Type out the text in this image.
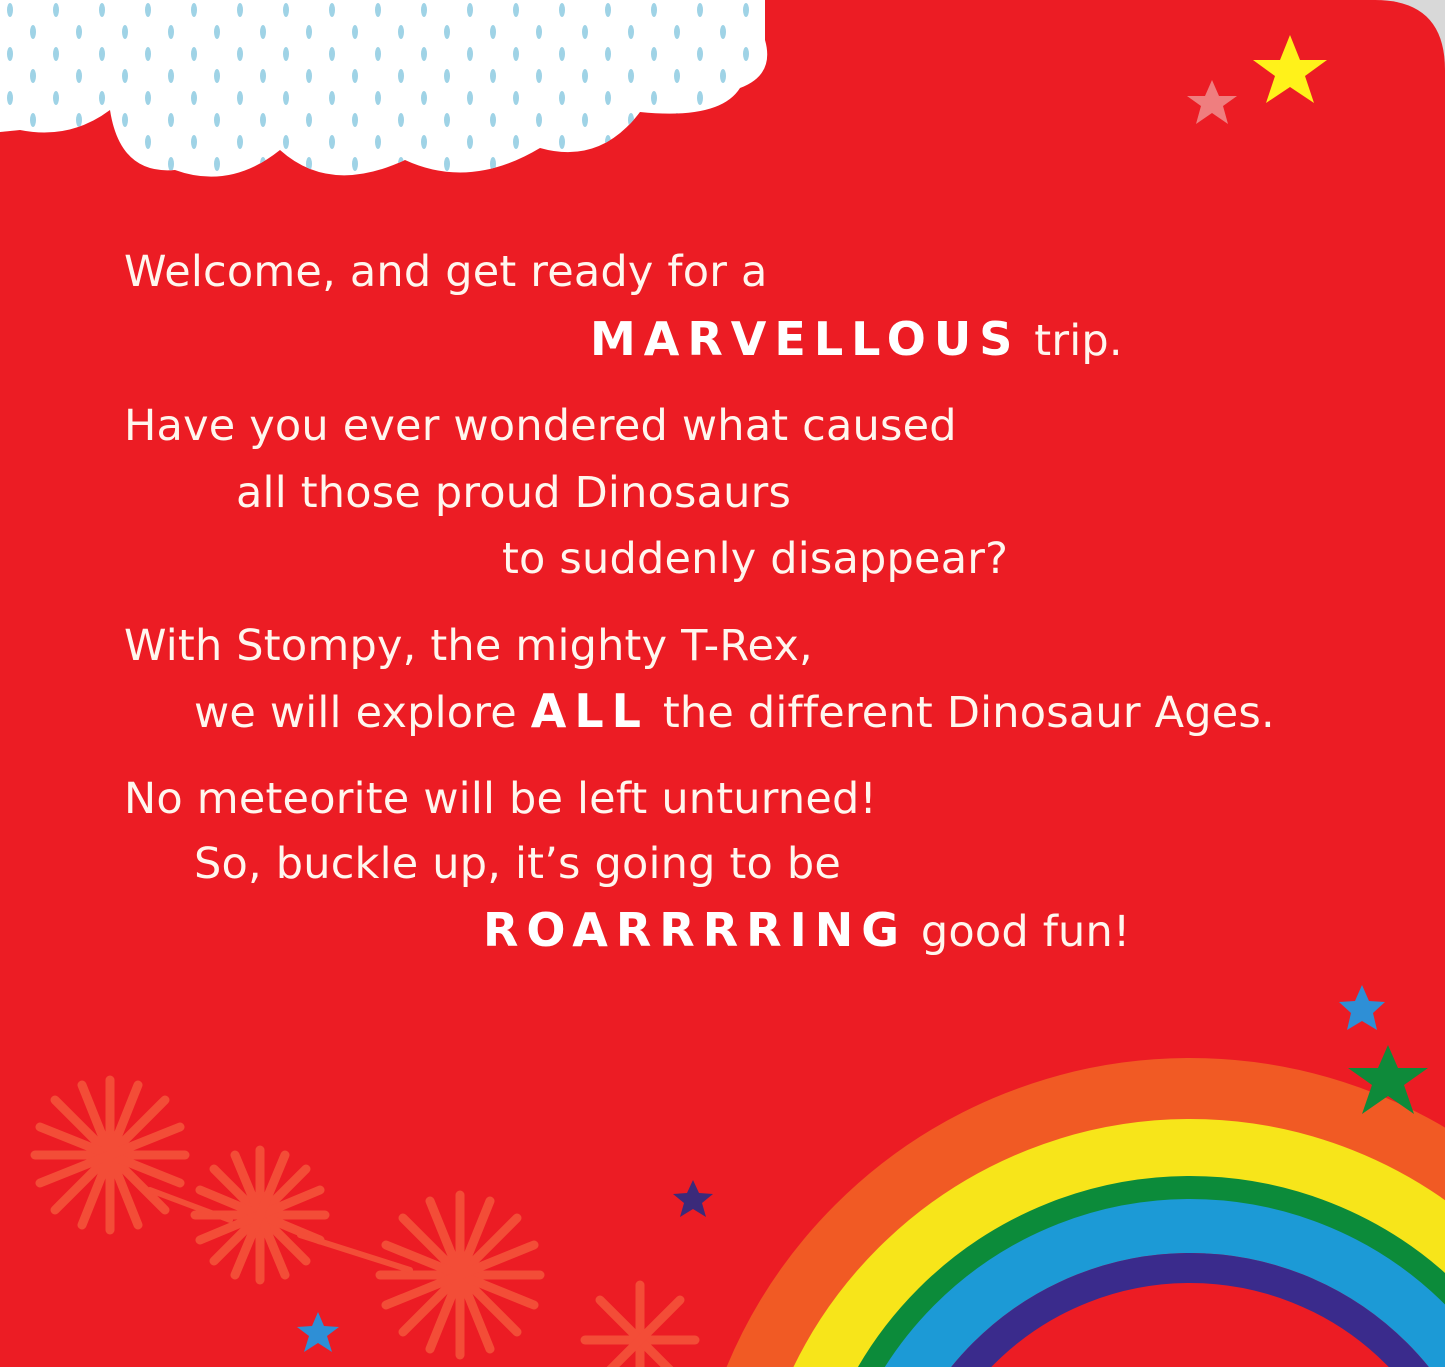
Welcome, and get ready for a
MARVELLOUS trip.
Have you ever wondered what caused
all those proud Dinosaurs
to suddenly disappear?
With Stompy, the mighty T-Rex,
we will explore ALL the different Dinosaur Ages.
No meteorite will be left unturned!
So, buckle up, it’s going to be
ROARRRRING good fun!
